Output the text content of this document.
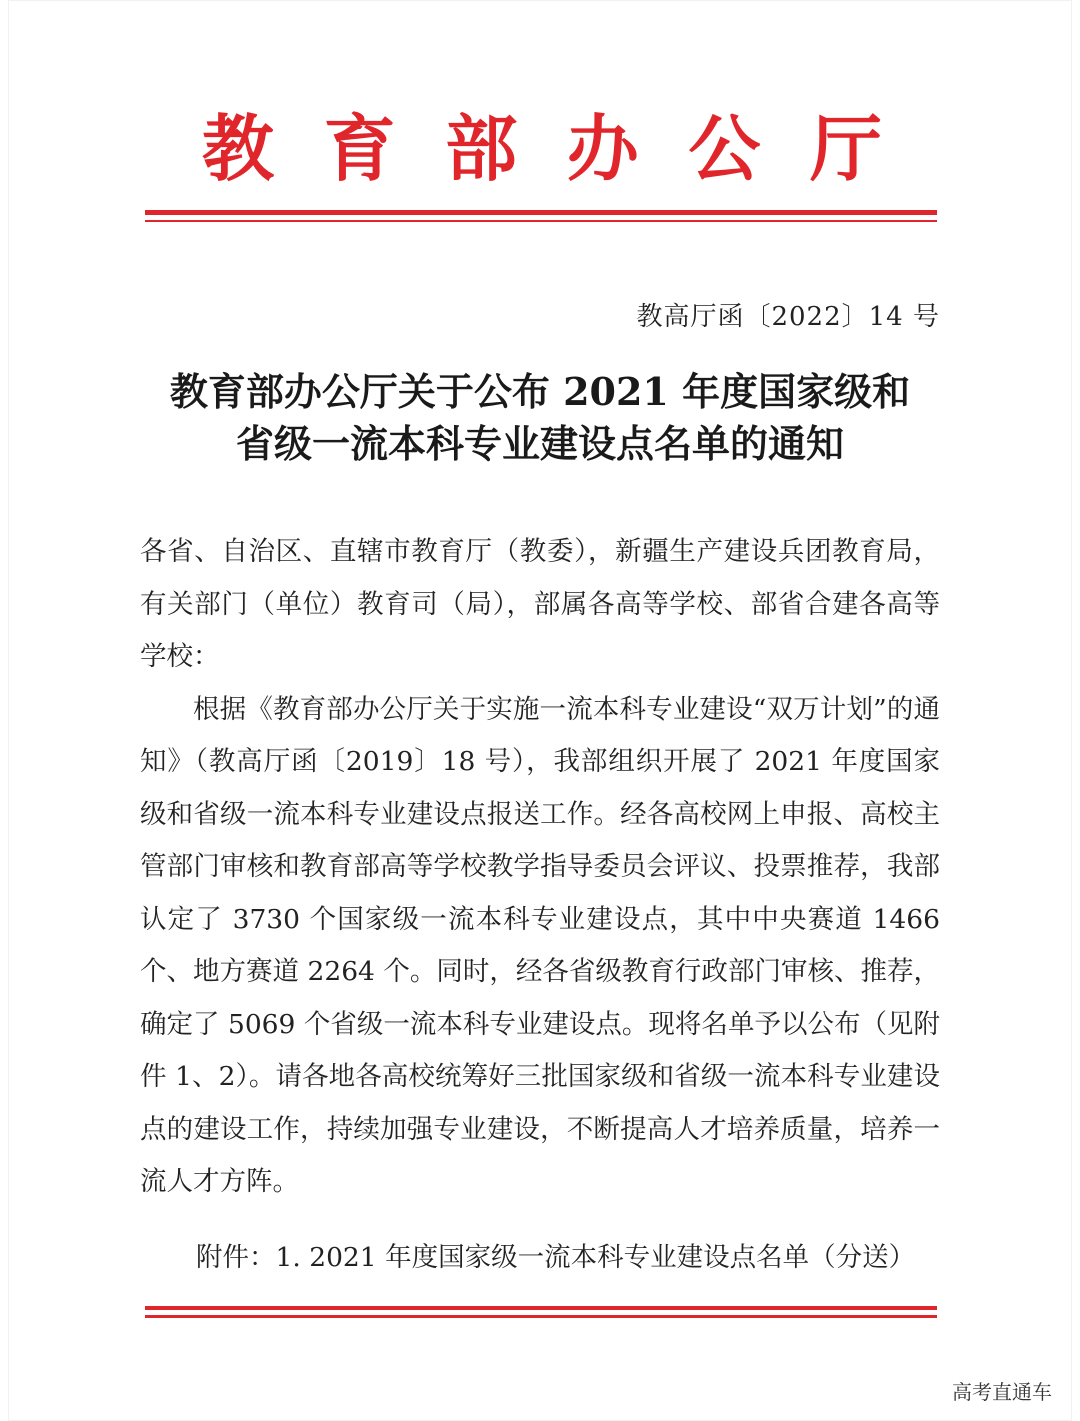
教 育 部 办 公 厅
教高厅函〔2022〕14 号
教育部办公厅关于公布 2021 年度国家级和
省级一流本科专业建设点名单的通知

各省、自治区、直辖市教育厅（教委），新疆生产建设兵团教育局，有关部门（单位）教育司（局），部属各高等学校、部省合建各高等学校：

根据《教育部办公厅关于实施一流本科专业建设“双万计划”的通知》（教高厅函〔2019〕18 号），我部组织开展了 2021 年度国家级和省级一流本科专业建设点报送工作。经各高校网上申报、高校主管部门审核和教育部高等学校教学指导委员会评议、投票推荐，我部认定了 3730 个国家级一流本科专业建设点，其中中央赛道 1466 个、地方赛道 2264 个。同时，经各省级教育行政部门审核、推荐，确定了 5069 个省级一流本科专业建设点。现将名单予以公布（见附件 1、2）。请各地各高校统筹好三批国家级和省级一流本科专业建设点的建设工作，持续加强专业建设，不断提高人才培养质量，培养一流人才方阵。

附件：1. 2021 年度国家级一流本科专业建设点名单（分送）
高考直通车
